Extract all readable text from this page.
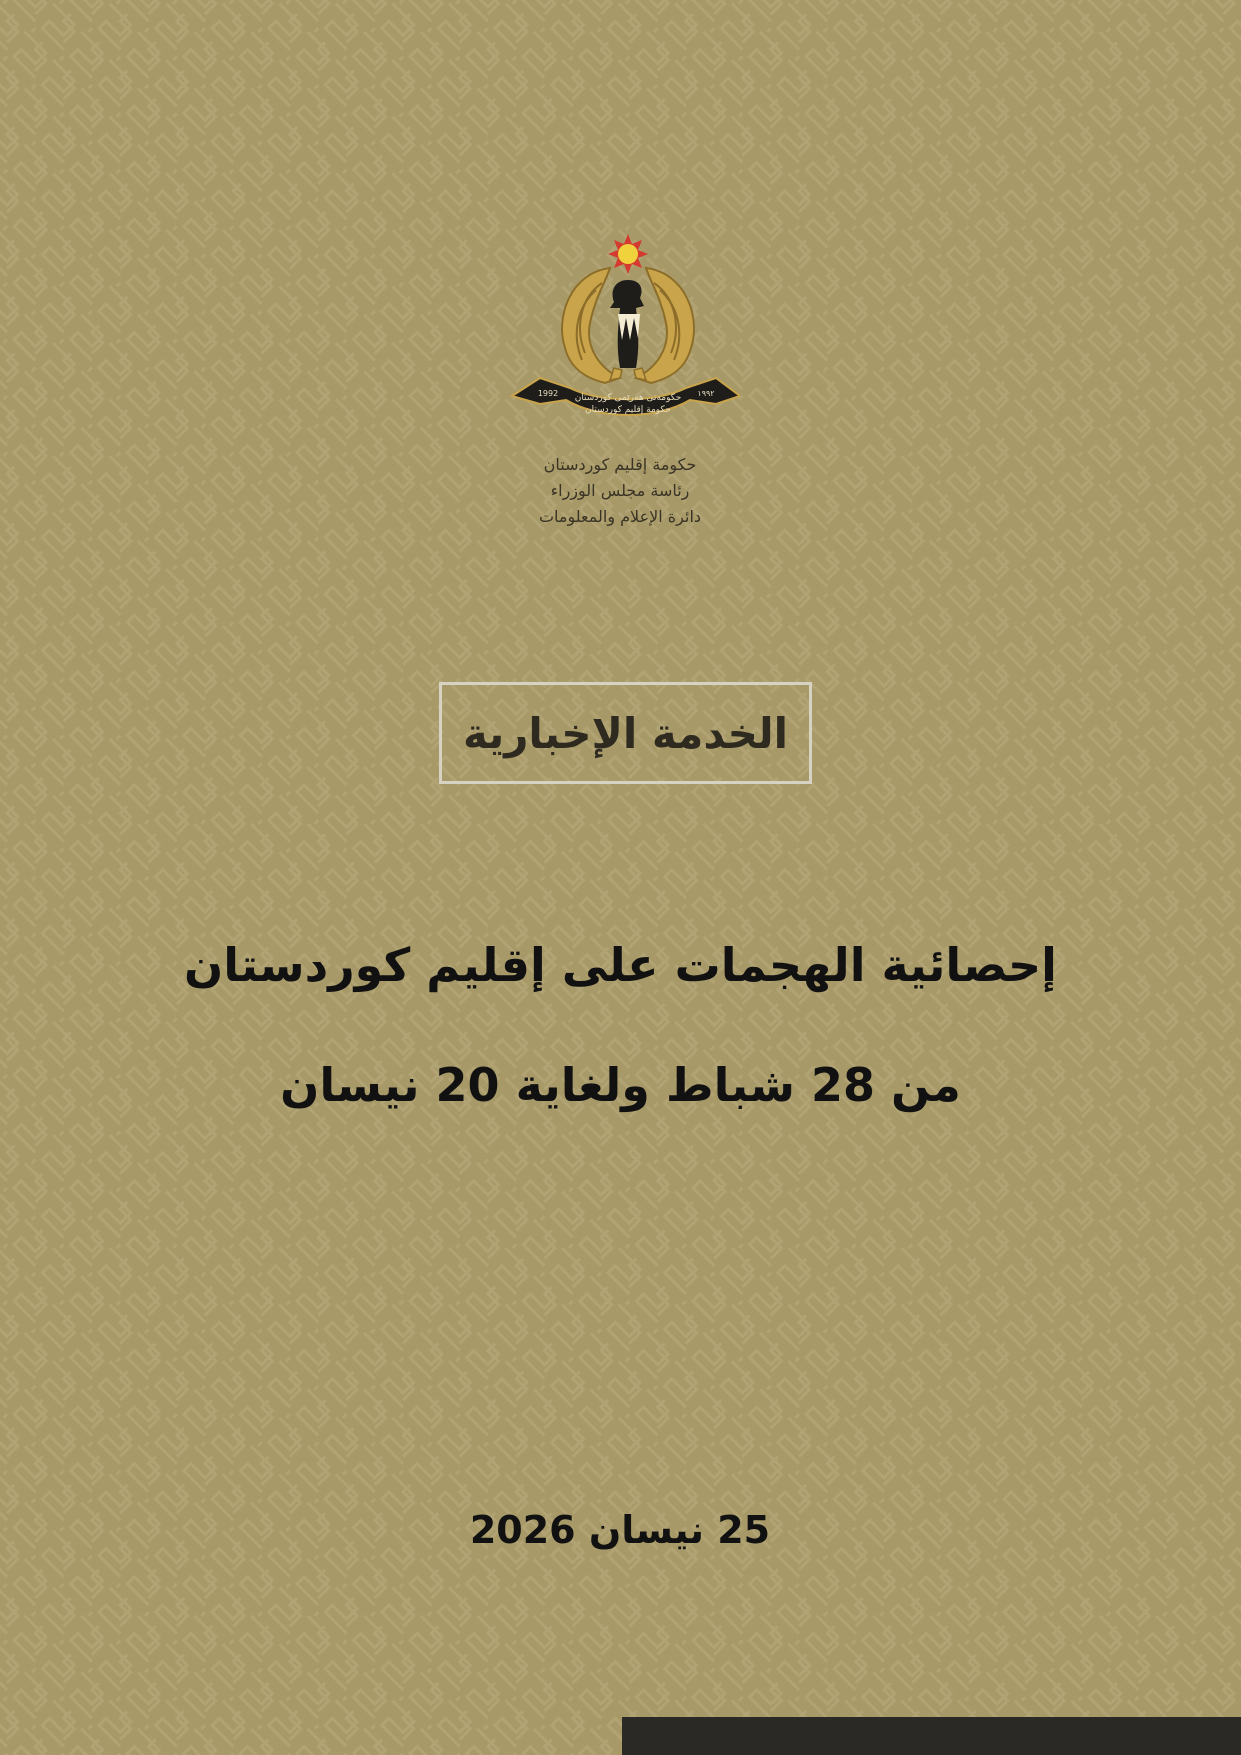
حکومەتی هەرێمی کوردستان
حكومة إقليم كوردستان
1992	١٩٩٢
حكومة إقليم كوردستان
رئاسة مجلس الوزراء
دائرة الإعلام والمعلومات
الخدمة الإخبارية
إحصائية الهجمات على إقليم كوردستان
من 28 شباط ولغاية 20 نيسان
25 نيسان 2026
